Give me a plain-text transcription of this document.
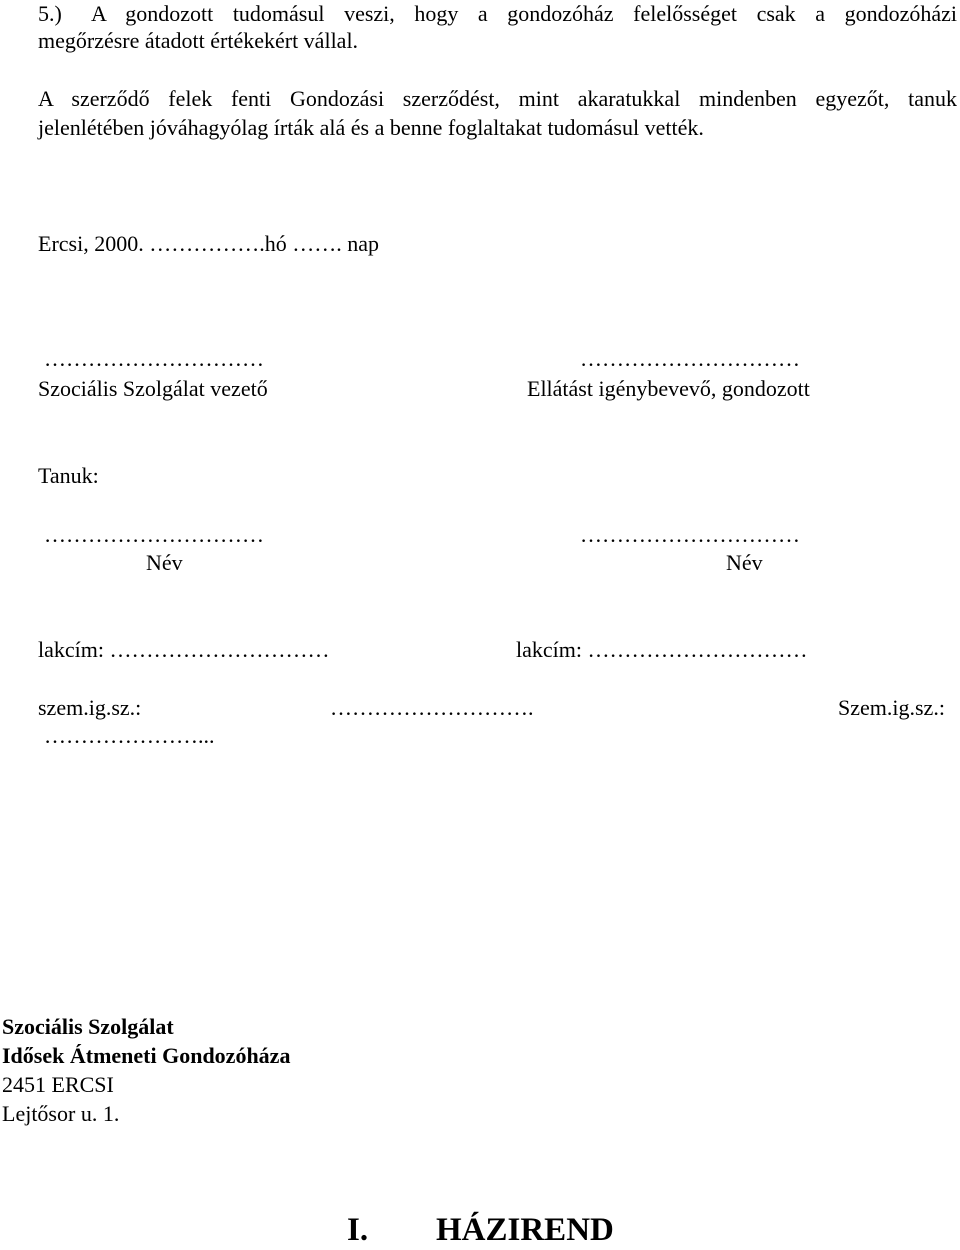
5.) A gondozott tudomásul veszi, hogy a gondozóház felelősséget csak a gondozóházi
megőrzésre átadott értékekért vállal.
A szerződő felek fenti Gondozási szerződést, mint akaratukkal mindenben egyezőt, tanuk
jelenlétében jóváhagyólag írták alá és a benne foglaltakat tudomásul vették.
Ercsi, 2000. …………….hó ……. nap
…………………………
Szociális Szolgálat vezető
…………………………
Ellátást igénybevevő, gondozott
Tanuk:
…………………………
Név
…………………………
Név
lakcím: …………………………	lakcím: …………………………
szem.ig.sz.:	……………………….	Szem.ig.sz.:
…………………...
Szociális Szolgálat
Idősek Átmeneti Gondozóháza
2451 ERCSI
Lejtősor u. 1.
I. HÁZIREND
